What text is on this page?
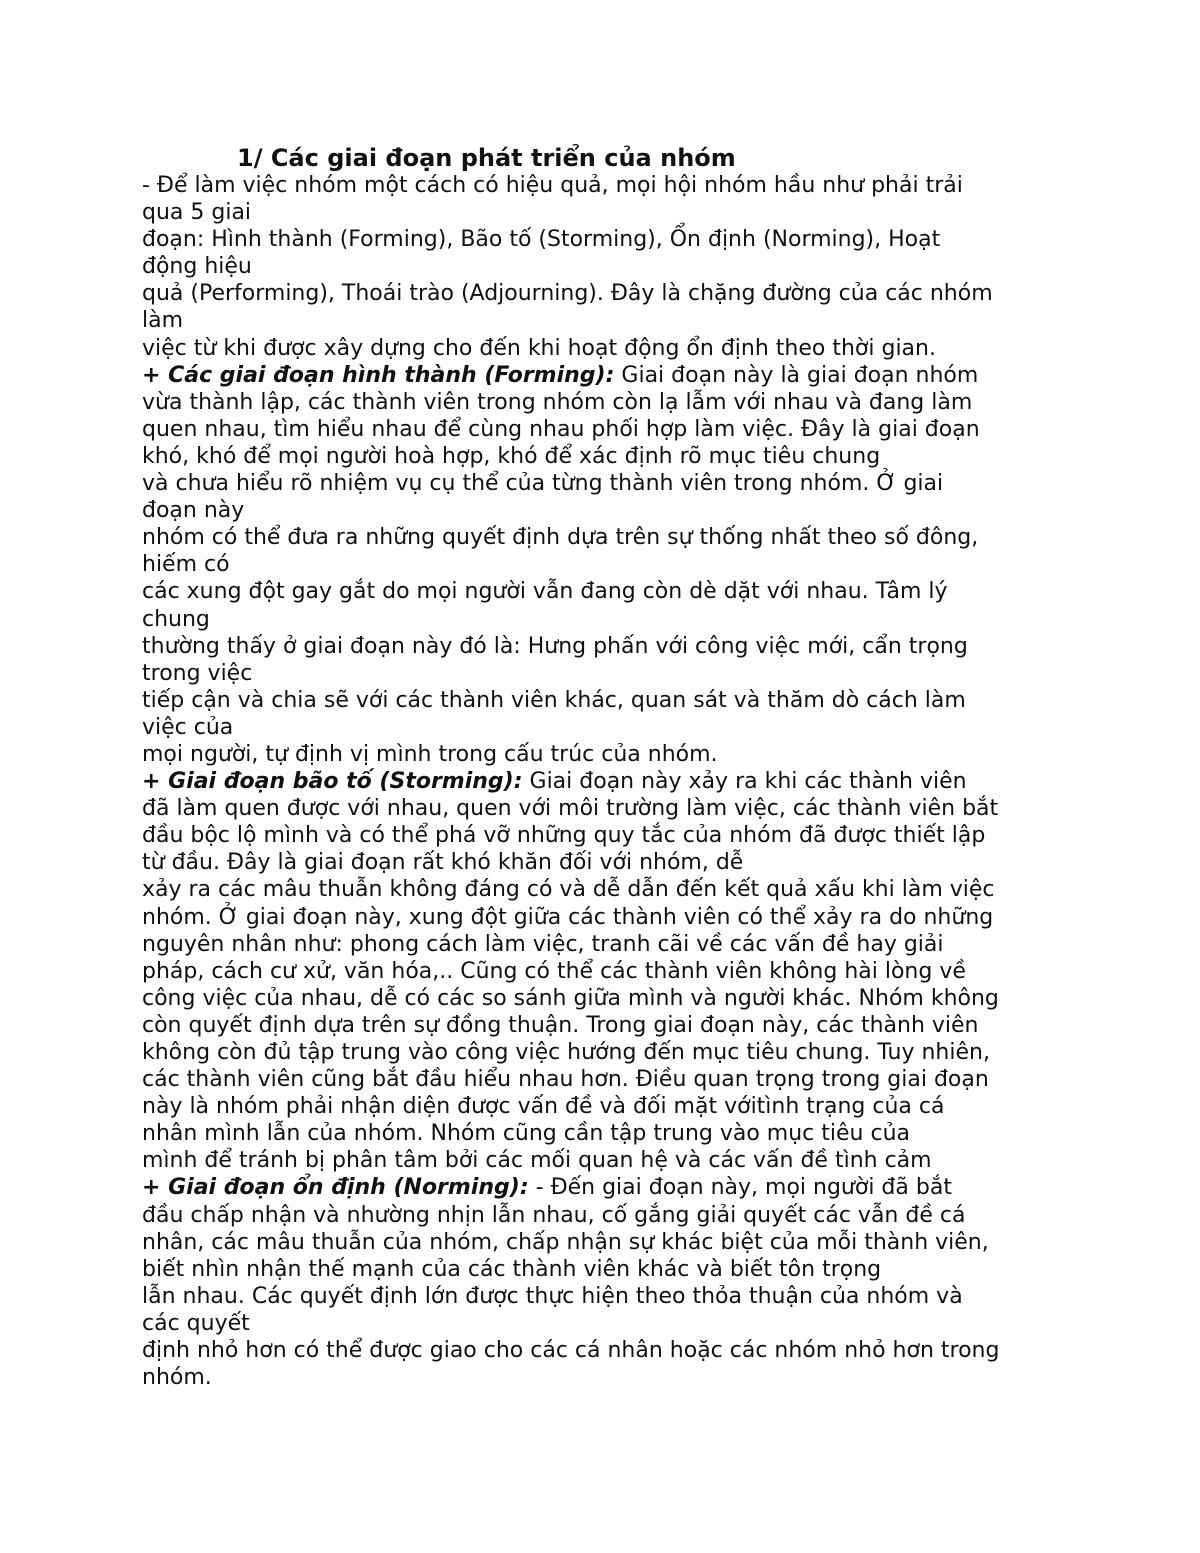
1/ Các giai đoạn phát triển của nhóm
- Để làm việc nhóm một cách có hiệu quả, mọi hội nhóm hầu như phải trải
qua 5 giai
đoạn: Hình thành (Forming), Bão tố (Storming), Ổn định (Norming), Hoạt
động hiệu
quả (Performing), Thoái trào (Adjourning). Đây là chặng đường của các nhóm
làm
việc từ khi được xây dựng cho đến khi hoạt động ổn định theo thời gian.
+ Các giai đoạn hình thành (Forming): Giai đoạn này là giai đoạn nhóm
vừa thành lập, các thành viên trong nhóm còn lạ lẫm với nhau và đang làm
quen nhau, tìm hiểu nhau để cùng nhau phối hợp làm việc. Đây là giai đoạn
khó, khó để mọi người hoà hợp, khó để xác định rõ mục tiêu chung
và chưa hiểu rõ nhiệm vụ cụ thể của từng thành viên trong nhóm. Ở giai
đoạn này
nhóm có thể đưa ra những quyết định dựa trên sự thống nhất theo số đông,
hiếm có
các xung đột gay gắt do mọi người vẫn đang còn dè dặt với nhau. Tâm lý
chung
thường thấy ở giai đoạn này đó là: Hưng phấn với công việc mới, cẩn trọng
trong việc
tiếp cận và chia sẽ với các thành viên khác, quan sát và thăm dò cách làm
việc của
mọi người, tự định vị mình trong cấu trúc của nhóm.
+ Giai đoạn bão tố (Storming): Giai đoạn này xảy ra khi các thành viên
đã làm quen được với nhau, quen với môi trường làm việc, các thành viên bắt
đầu bộc lộ mình và có thể phá vỡ những quy tắc của nhóm đã được thiết lập
từ đầu. Đây là giai đoạn rất khó khăn đối với nhóm, dễ
xảy ra các mâu thuẫn không đáng có và dễ dẫn đến kết quả xấu khi làm việc
nhóm. Ở giai đoạn này, xung đột giữa các thành viên có thể xảy ra do những
nguyên nhân như: phong cách làm việc, tranh cãi về các vấn đề hay giải
pháp, cách cư xử, văn hóa,.. Cũng có thể các thành viên không hài lòng về
công việc của nhau, dễ có các so sánh giữa mình và người khác. Nhóm không
còn quyết định dựa trên sự đồng thuận. Trong giai đoạn này, các thành viên
không còn đủ tập trung vào công việc hướng đến mục tiêu chung. Tuy nhiên,
các thành viên cũng bắt đầu hiểu nhau hơn. Điều quan trọng trong giai đoạn
này là nhóm phải nhận diện được vấn đề và đối mặt vớitình trạng của cá
nhân mình lẫn của nhóm. Nhóm cũng cần tập trung vào mục tiêu của
mình để tránh bị phân tâm bởi các mối quan hệ và các vấn đề tình cảm
+ Giai đoạn ổn định (Norming): - Đến giai đoạn này, mọi người đã bắt
đầu chấp nhận và nhường nhịn lẫn nhau, cố gắng giải quyết các vẫn đề cá
nhân, các mâu thuẫn của nhóm, chấp nhận sự khác biệt của mỗi thành viên,
biết nhìn nhận thế mạnh của các thành viên khác và biết tôn trọng
lẫn nhau. Các quyết định lớn được thực hiện theo thỏa thuận của nhóm và
các quyết
định nhỏ hơn có thể được giao cho các cá nhân hoặc các nhóm nhỏ hơn trong
nhóm.
